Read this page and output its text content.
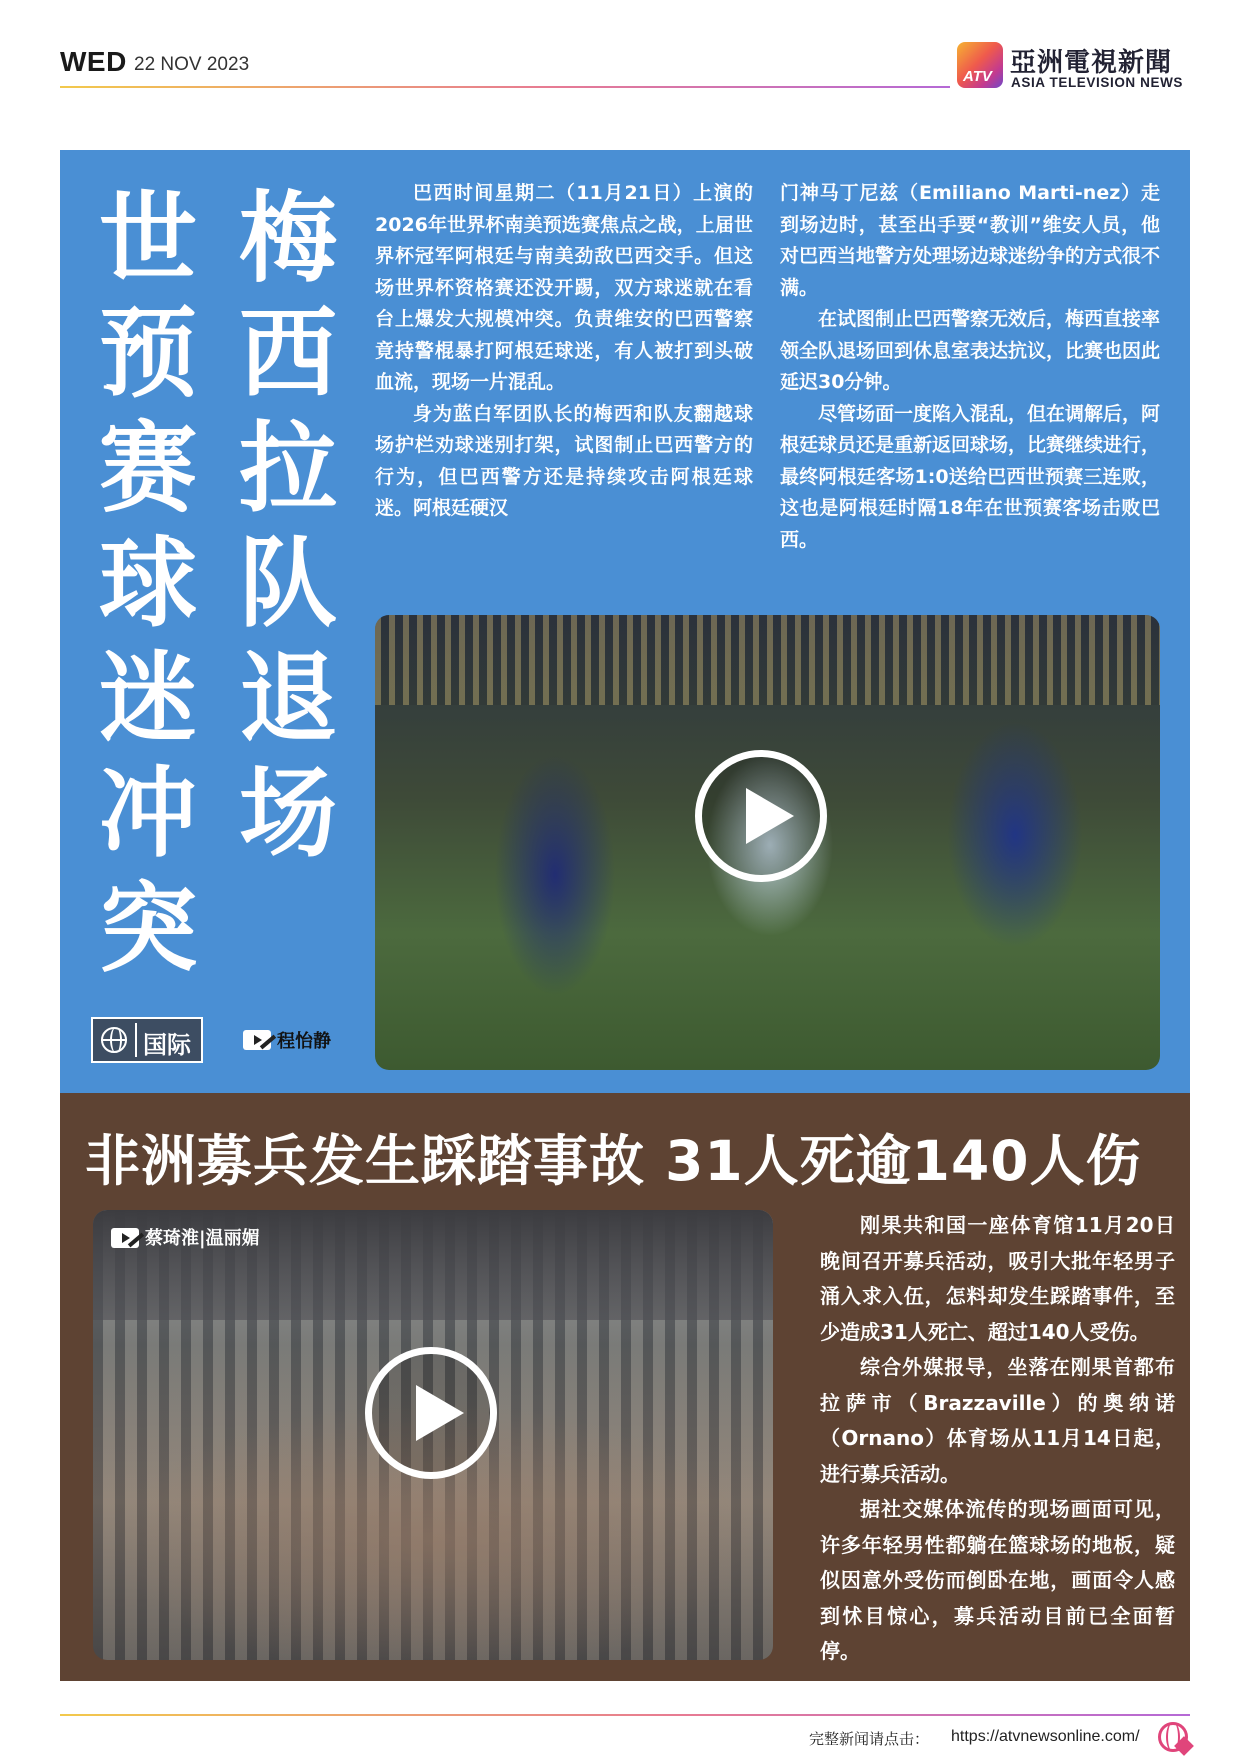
WED 22 NOV 2023
ATV 亞洲電視新聞
ASIA TELEVISION NEWS
梅
西
拉
队
退
场
世
预
赛
球
迷
冲
突

巴西时间星期二（11月21日）上演的2026年世界杯南美预选赛焦点之战，上届世界杯冠军阿根廷与南美劲敌巴西交手。但这场世界杯资格赛还没开踢，双方球迷就在看台上爆发大规模冲突。负责维安的巴西警察竟持警棍暴打阿根廷球迷，有人被打到头破血流，现场一片混乱。

身为蓝白军团队长的梅西和队友翻越球场护栏劝球迷别打架，试图制止巴西警方的行为，但巴西警方还是持续攻击阿根廷球迷。阿根廷硬汉

门神马丁尼兹（Emiliano Marti-nez）走到场边时，甚至出手要“教训”维安人员，他对巴西当地警方处理场边球迷纷争的方式很不满。

在试图制止巴西警察无效后，梅西直接率领全队退场回到休息室表达抗议，比赛也因此延迟30分钟。

尽管场面一度陷入混乱，但在调解后，阿根廷球员还是重新返回球场，比赛继续进行，最终阿根廷客场1:0送给巴西世预赛三连败，这也是阿根廷时隔18年在世预赛客场击败巴西。

国际	程怡静
非洲募兵发生踩踏事故 31人死逾140人伤
蔡琦淮|温丽媚

刚果共和国一座体育馆11月20日晚间召开募兵活动，吸引大批年轻男子涌入求入伍，怎料却发生踩踏事件，至少造成31人死亡、超过140人受伤。

综合外媒报导，坐落在刚果首都布拉萨市（Brazzaville）的奥纳诺（Ornano）体育场从11月14日起，进行募兵活动。

据社交媒体流传的现场画面可见，许多年轻男性都躺在篮球场的地板，疑似因意外受伤而倒卧在地，画面令人感到怵目惊心，募兵活动目前已全面暂停。

完整新闻请点击： https://atvnewsonline.com/
